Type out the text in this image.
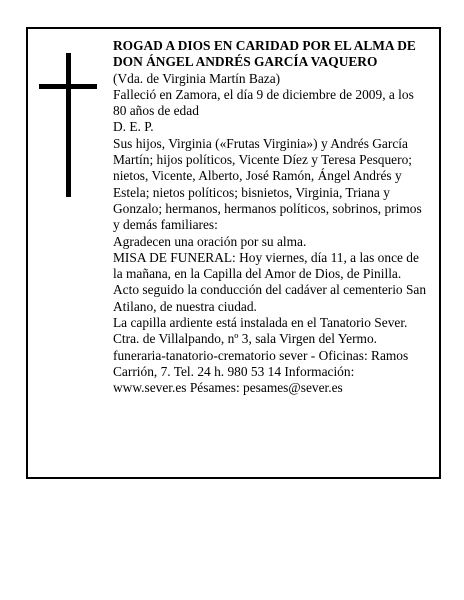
ROGAD A DIOS EN CARIDAD POR EL ALMA DE

DON ÁNGEL ANDRÉS GARCÍA VAQUERO

(Vda. de Virginia Martín Baza)

Falleció en Zamora, el día 9 de diciembre de 2009, a los 80 años de edad

D. E. P.

Sus hijos, Virginia («Frutas Virginia») y Andrés García Martín; hijos políticos, Vicente Díez y Teresa Pesquero; nietos, Vicente, Alberto, José Ramón, Ángel Andrés y Estela; nietos políticos; bisnietos, Virginia, Triana y Gonzalo; hermanos, hermanos políticos, sobrinos, primos y demás familiares:

Agradecen una oración por su alma.

MISA DE FUNERAL: Hoy viernes, día 11, a las once de la mañana, en la Capilla del Amor de Dios, de Pinilla. Acto seguido la conducción del cadáver al cementerio San Atilano, de nuestra ciudad.

La capilla ardiente está instalada en el Tanatorio Sever. Ctra. de Villalpando, nº 3, sala Virgen del Yermo.

funeraria-tanatorio-crematorio sever - Oficinas: Ramos Carrión, 7. Tel. 24 h. 980 53 14 Información: www.sever.es Pésames: pesames@sever.es
